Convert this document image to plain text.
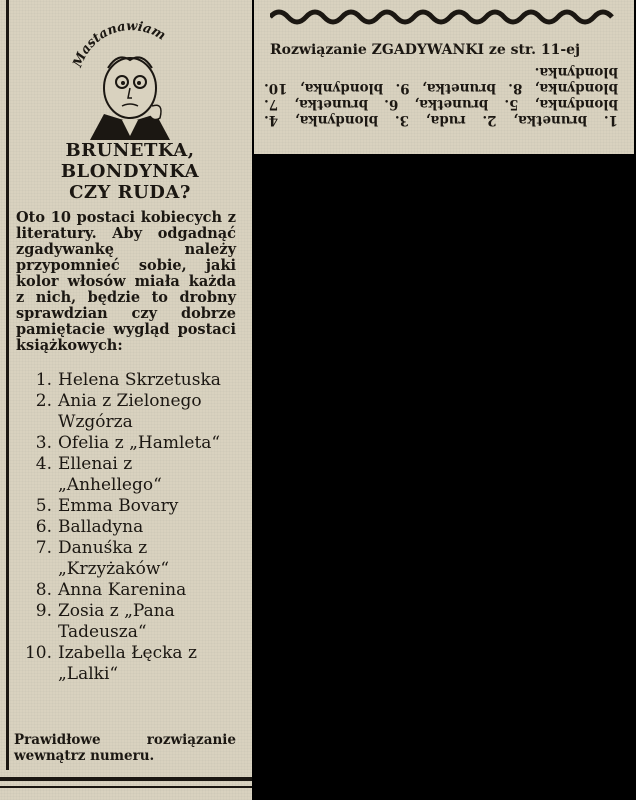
Mastanawiam
BRUNETKA,
BLONDYNKA
CZY RUDA?
Oto 10 postaci kobiecych z literatury. Aby odgadnąć zgadywankę należy przypomnieć sobie, jaki kolor włosów miała każda z nich, będzie to drobny sprawdzian czy dobrze pamiętacie wygląd postaci książkowych:
1. Helena Skrzetuska
2. Ania z Zielonego Wzgórza
3. Ofelia z „Hamleta“
4. Ellenai z „Anhellego“
5. Emma Bovary
6. Balladyna
7. Danuśka z „Krzyżaków“
8. Anna Karenina
9. Zosia z „Pana Tadeusza“
10. Izabella Łęcka z „Lalki“
Prawidłowe rozwiązanie wewnątrz numeru.
Rozwiązanie ZGADYWANKI ze str. 11-ej
1. brunetka, 2. ruda, 3. blondynka, 4. blondynka, 5. brunetka, 6. brunetka, 7. blondynka, 8. brunetka, 9. blondynka, 10. blondynka.
